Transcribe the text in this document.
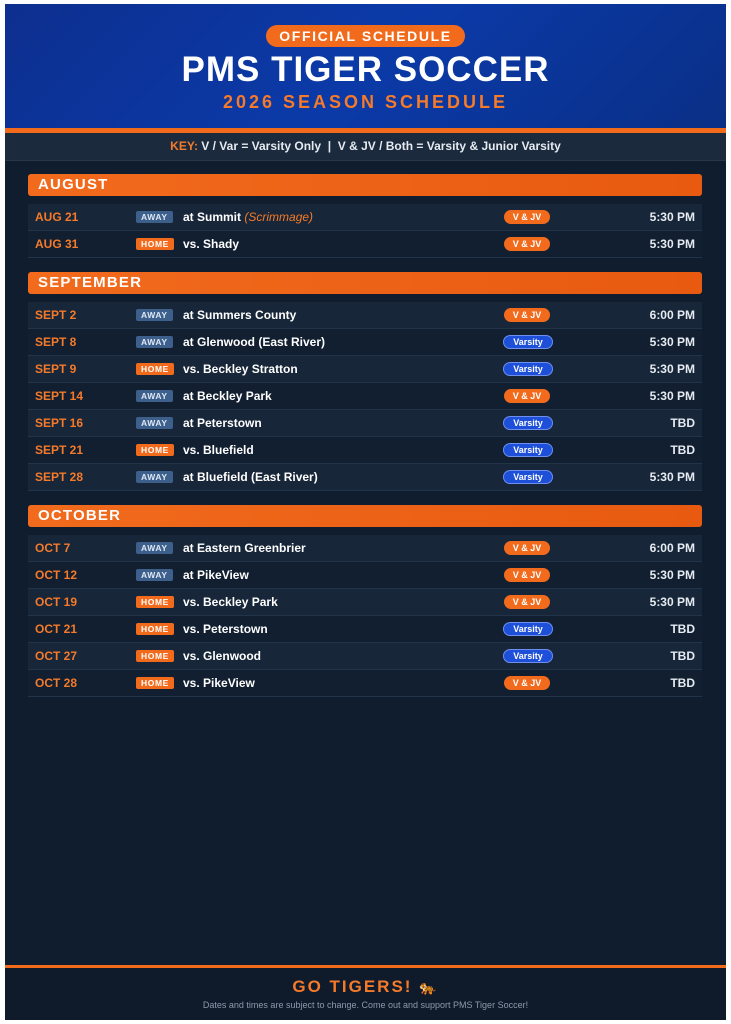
OFFICIAL SCHEDULE
PMS TIGER SOCCER
2026 SEASON SCHEDULE
KEY: V / Var = Varsity Only  |  V & JV / Both = Varsity & Junior Varsity
AUGUST
AUG 21	AWAY	at Summit (Scrimmage)	V & JV	5:30 PM
AUG 31	HOME	vs. Shady	V & JV	5:30 PM
SEPTEMBER
SEPT 2	AWAY	at Summers County	V & JV	6:00 PM
SEPT 8	AWAY	at Glenwood (East River)	Varsity	5:30 PM
SEPT 9	HOME	vs. Beckley Stratton	Varsity	5:30 PM
SEPT 14	AWAY	at Beckley Park	V & JV	5:30 PM
SEPT 16	AWAY	at Peterstown	Varsity	TBD
SEPT 21	HOME	vs. Bluefield	Varsity	TBD
SEPT 28	AWAY	at Bluefield (East River)	Varsity	5:30 PM
OCTOBER
OCT 7	AWAY	at Eastern Greenbrier	V & JV	6:00 PM
OCT 12	AWAY	at PikeView	V & JV	5:30 PM
OCT 19	HOME	vs. Beckley Park	V & JV	5:30 PM
OCT 21	HOME	vs. Peterstown	Varsity	TBD
OCT 27	HOME	vs. Glenwood	Varsity	TBD
OCT 28	HOME	vs. PikeView	V & JV	TBD
GO TIGERS! 🐅
Dates and times are subject to change. Come out and support PMS Tiger Soccer!
